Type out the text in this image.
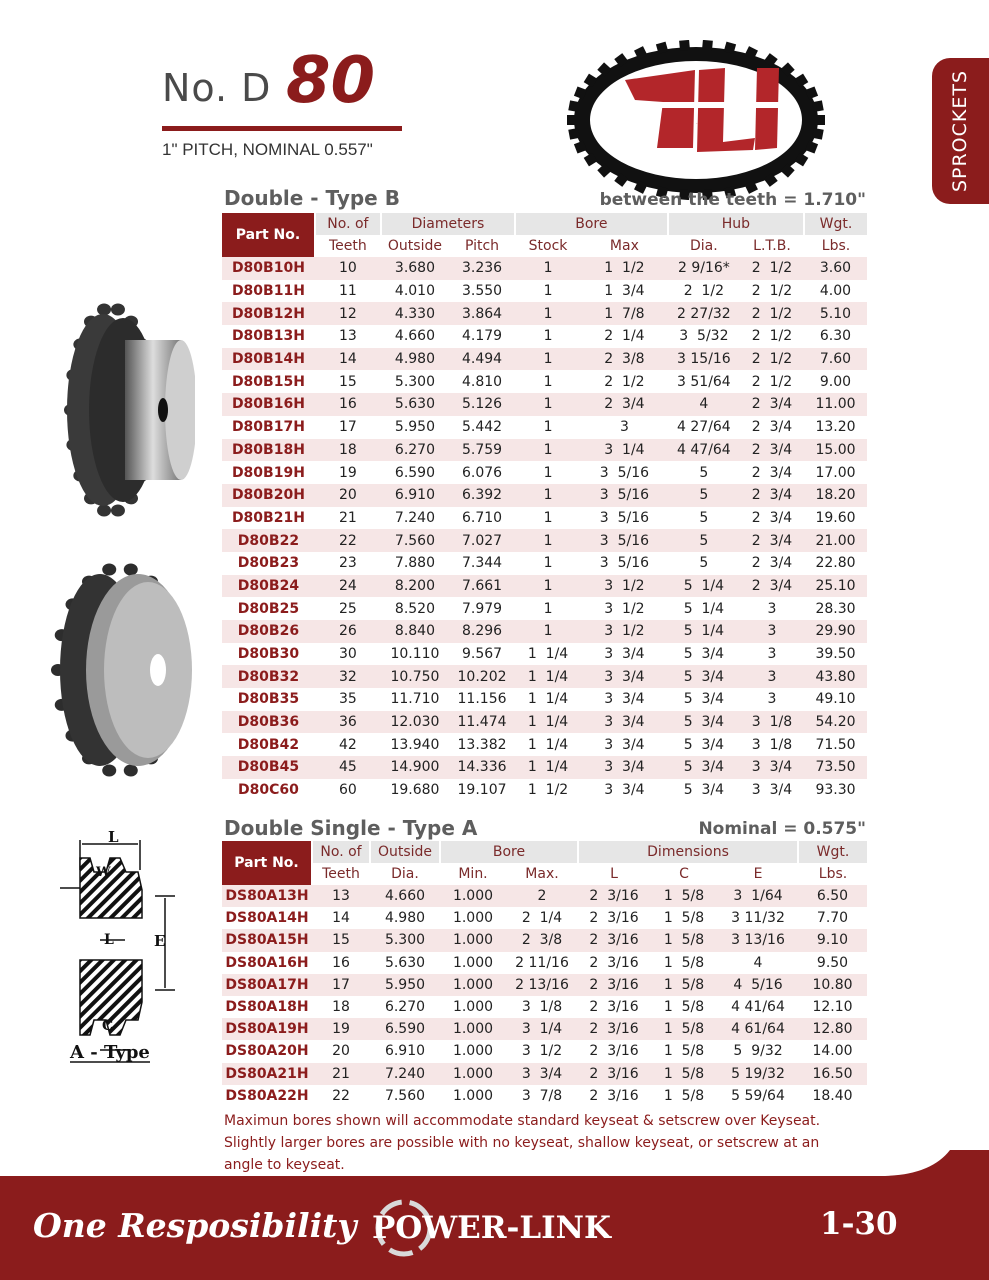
No. D 80
1" PITCH, NOMINAL 0.557"
PLI	SPROCKETS
Double - Type B	between the teeth = 1.710"
Part No.	No. of	Diameters		Bore		Hub		Wgt.
	Teeth	Outside	Pitch	Stock	Max	Dia.	L.T.B.	Lbs.
D80B10H	10	3.680	3.236	1	1  1/2	2 9/16*	2  1/2	3.60
D80B11H	11	4.010	3.550	1	1  3/4	2  1/2	2  1/2	4.00
D80B12H	12	4.330	3.864	1	1  7/8	2 27/32	2  1/2	5.10
D80B13H	13	4.660	4.179	1	2  1/4	3  5/32	2  1/2	6.30
D80B14H	14	4.980	4.494	1	2  3/8	3 15/16	2  1/2	7.60
D80B15H	15	5.300	4.810	1	2  1/2	3 51/64	2  1/2	9.00
D80B16H	16	5.630	5.126	1	2  3/4	4	2  3/4	11.00
D80B17H	17	5.950	5.442	1	3	4 27/64	2  3/4	13.20
D80B18H	18	6.270	5.759	1	3  1/4	4 47/64	2  3/4	15.00
D80B19H	19	6.590	6.076	1	3  5/16	5	2  3/4	17.00
D80B20H	20	6.910	6.392	1	3  5/16	5	2  3/4	18.20
D80B21H	21	7.240	6.710	1	3  5/16	5	2  3/4	19.60
D80B22	22	7.560	7.027	1	3  5/16	5	2  3/4	21.00
D80B23	23	7.880	7.344	1	3  5/16	5	2  3/4	22.80
D80B24	24	8.200	7.661	1	3  1/2	5  1/4	2  3/4	25.10
D80B25	25	8.520	7.979	1	3  1/2	5  1/4	3	28.30
D80B26	26	8.840	8.296	1	3  1/2	5  1/4	3	29.90
D80B30	30	10.110	9.567	1  1/4	3  3/4	5  3/4	3	39.50
D80B32	32	10.750	10.202	1  1/4	3  3/4	5  3/4	3	43.80
D80B35	35	11.710	11.156	1  1/4	3  3/4	5  3/4	3	49.10
D80B36	36	12.030	11.474	1  1/4	3  3/4	5  3/4	3  1/8	54.20
D80B42	42	13.940	13.382	1  1/4	3  3/4	5  3/4	3  1/8	71.50
D80B45	45	14.900	14.336	1  1/4	3  3/4	5  3/4	3  3/4	73.50
D80C60	60	19.680	19.107	1  1/2	3  3/4	5  3/4	3  3/4	93.30
Double Single - Type A	Nominal = 0.575"
Part No.	No. of	Outside	Bore		Dimensions			Wgt.
	Teeth	Dia.	Min.	Max.	L	C	E	Lbs.
DS80A13H	13	4.660	1.000	2	2  3/16	1  5/8	3  1/64	6.50
DS80A14H	14	4.980	1.000	2  1/4	2  3/16	1  5/8	3 11/32	7.70
DS80A15H	15	5.300	1.000	2  3/8	2  3/16	1  5/8	3 13/16	9.10
DS80A16H	16	5.630	1.000	2 11/16	2  3/16	1  5/8	4	9.50
DS80A17H	17	5.950	1.000	2 13/16	2  3/16	1  5/8	4  5/16	10.80
DS80A18H	18	6.270	1.000	3  1/8	2  3/16	1  5/8	4 41/64	12.10
DS80A19H	19	6.590	1.000	3  1/4	2  3/16	1  5/8	4 61/64	12.80
DS80A20H	20	6.910	1.000	3  1/2	2  3/16	1  5/8	5  9/32	14.00
DS80A21H	21	7.240	1.000	3  3/4	2  3/16	1  5/8	5 19/32	16.50
DS80A22H	22	7.560	1.000	3  7/8	2  3/16	1  5/8	5 59/64	18.40
Maximun bores shown will accommodate standard keyseat & setscrew over Keyseat. Slightly larger bores are possible with no keyseat, shallow keyseat, or setscrew at an angle to keyseat.
L
W
L	E
C
A - Type
One Resposibility POWER-LINK	1-30
